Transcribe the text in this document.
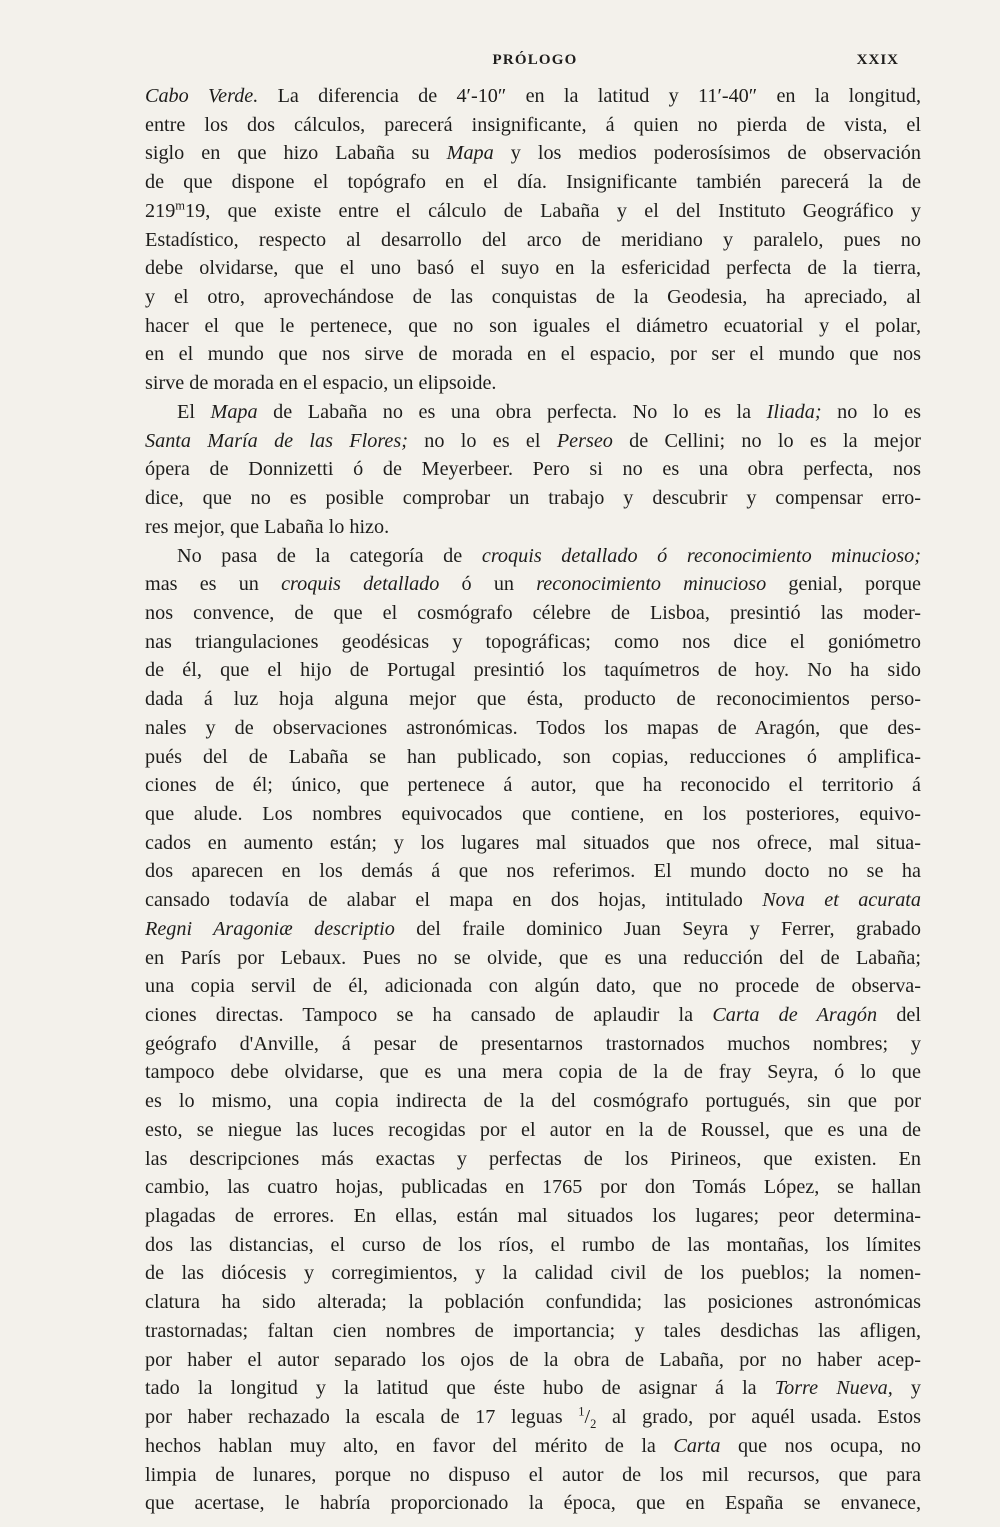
PRÓLOGO	XXIX
Cabo Verde. La diferencia de 4′-10″ en la latitud y 11′-40″ en la longitud,
entre los dos cálculos, parecerá insignificante, á quien no pierda de vista, el
siglo en que hizo Labaña su Mapa y los medios poderosísimos de observación
de que dispone el topógrafo en el día. Insignificante también parecerá la de
219$^m$19, que existe entre el cálculo de Labaña y el del Instituto Geográfico y
Estadístico, respecto al desarrollo del arco de meridiano y paralelo, pues no
debe olvidarse, que el uno basó el suyo en la esfericidad perfecta de la tierra,
y el otro, aprovechándose de las conquistas de la Geodesia, ha apreciado, al
hacer el que le pertenece, que no son iguales el diámetro ecuatorial y el polar,
en el mundo que nos sirve de morada en el espacio, por ser el mundo que nos
sirve de morada en el espacio, un elipsoide.
El Mapa de Labaña no es una obra perfecta. No lo es la Iliada; no lo es
Santa María de las Flores; no lo es el Perseo de Cellini; no lo es la mejor
ópera de Donnizetti ó de Meyerbeer. Pero si no es una obra perfecta, nos
dice, que no es posible comprobar un trabajo y descubrir y compensar erro-
res mejor, que Labaña lo hizo.
No pasa de la categoría de croquis detallado ó reconocimiento minucioso;
mas es un croquis detallado ó un reconocimiento minucioso genial, porque
nos convence, de que el cosmógrafo célebre de Lisboa, presintió las moder-
nas triangulaciones geodésicas y topográficas; como nos dice el goniómetro
de él, que el hijo de Portugal presintió los taquímetros de hoy. No ha sido
dada á luz hoja alguna mejor que ésta, producto de reconocimientos perso-
nales y de observaciones astronómicas. Todos los mapas de Aragón, que des-
pués del de Labaña se han publicado, son copias, reducciones ó amplifica-
ciones de él; único, que pertenece á autor, que ha reconocido el territorio á
que alude. Los nombres equivocados que contiene, en los posteriores, equivo-
cados en aumento están; y los lugares mal situados que nos ofrece, mal situa-
dos aparecen en los demás á que nos referimos. El mundo docto no se ha
cansado todavía de alabar el mapa en dos hojas, intitulado Nova et acurata
Regni Aragoniæ descriptio del fraile dominico Juan Seyra y Ferrer, grabado
en París por Lebaux. Pues no se olvide, que es una reducción del de Labaña;
una copia servil de él, adicionada con algún dato, que no procede de observa-
ciones directas. Tampoco se ha cansado de aplaudir la Carta de Aragón del
geógrafo d'Anville, á pesar de presentarnos trastornados muchos nombres; y
tampoco debe olvidarse, que es una mera copia de la de fray Seyra, ó lo que
es lo mismo, una copia indirecta de la del cosmógrafo portugués, sin que por
esto, se niegue las luces recogidas por el autor en la de Roussel, que es una de
las descripciones más exactas y perfectas de los Pirineos, que existen. En
cambio, las cuatro hojas, publicadas en 1765 por don Tomás López, se hallan
plagadas de errores. En ellas, están mal situados los lugares; peor determina-
dos las distancias, el curso de los ríos, el rumbo de las montañas, los límites
de las diócesis y corregimientos, y la calidad civil de los pueblos; la nomen-
clatura ha sido alterada; la población confundida; las posiciones astronómicas
trastornadas; faltan cien nombres de importancia; y tales desdichas las afligen,
por haber el autor separado los ojos de la obra de Labaña, por no haber acep-
tado la longitud y la latitud que éste hubo de asignar á la Torre Nueva, y
por haber rechazado la escala de 17 leguas $^1/_2$ al grado, por aquél usada. Estos
hechos hablan muy alto, en favor del mérito de la Carta que nos ocupa, no
limpia de lunares, porque no dispuso el autor de los mil recursos, que para
que acertase, le habría proporcionado la época, que en España se envanece,
